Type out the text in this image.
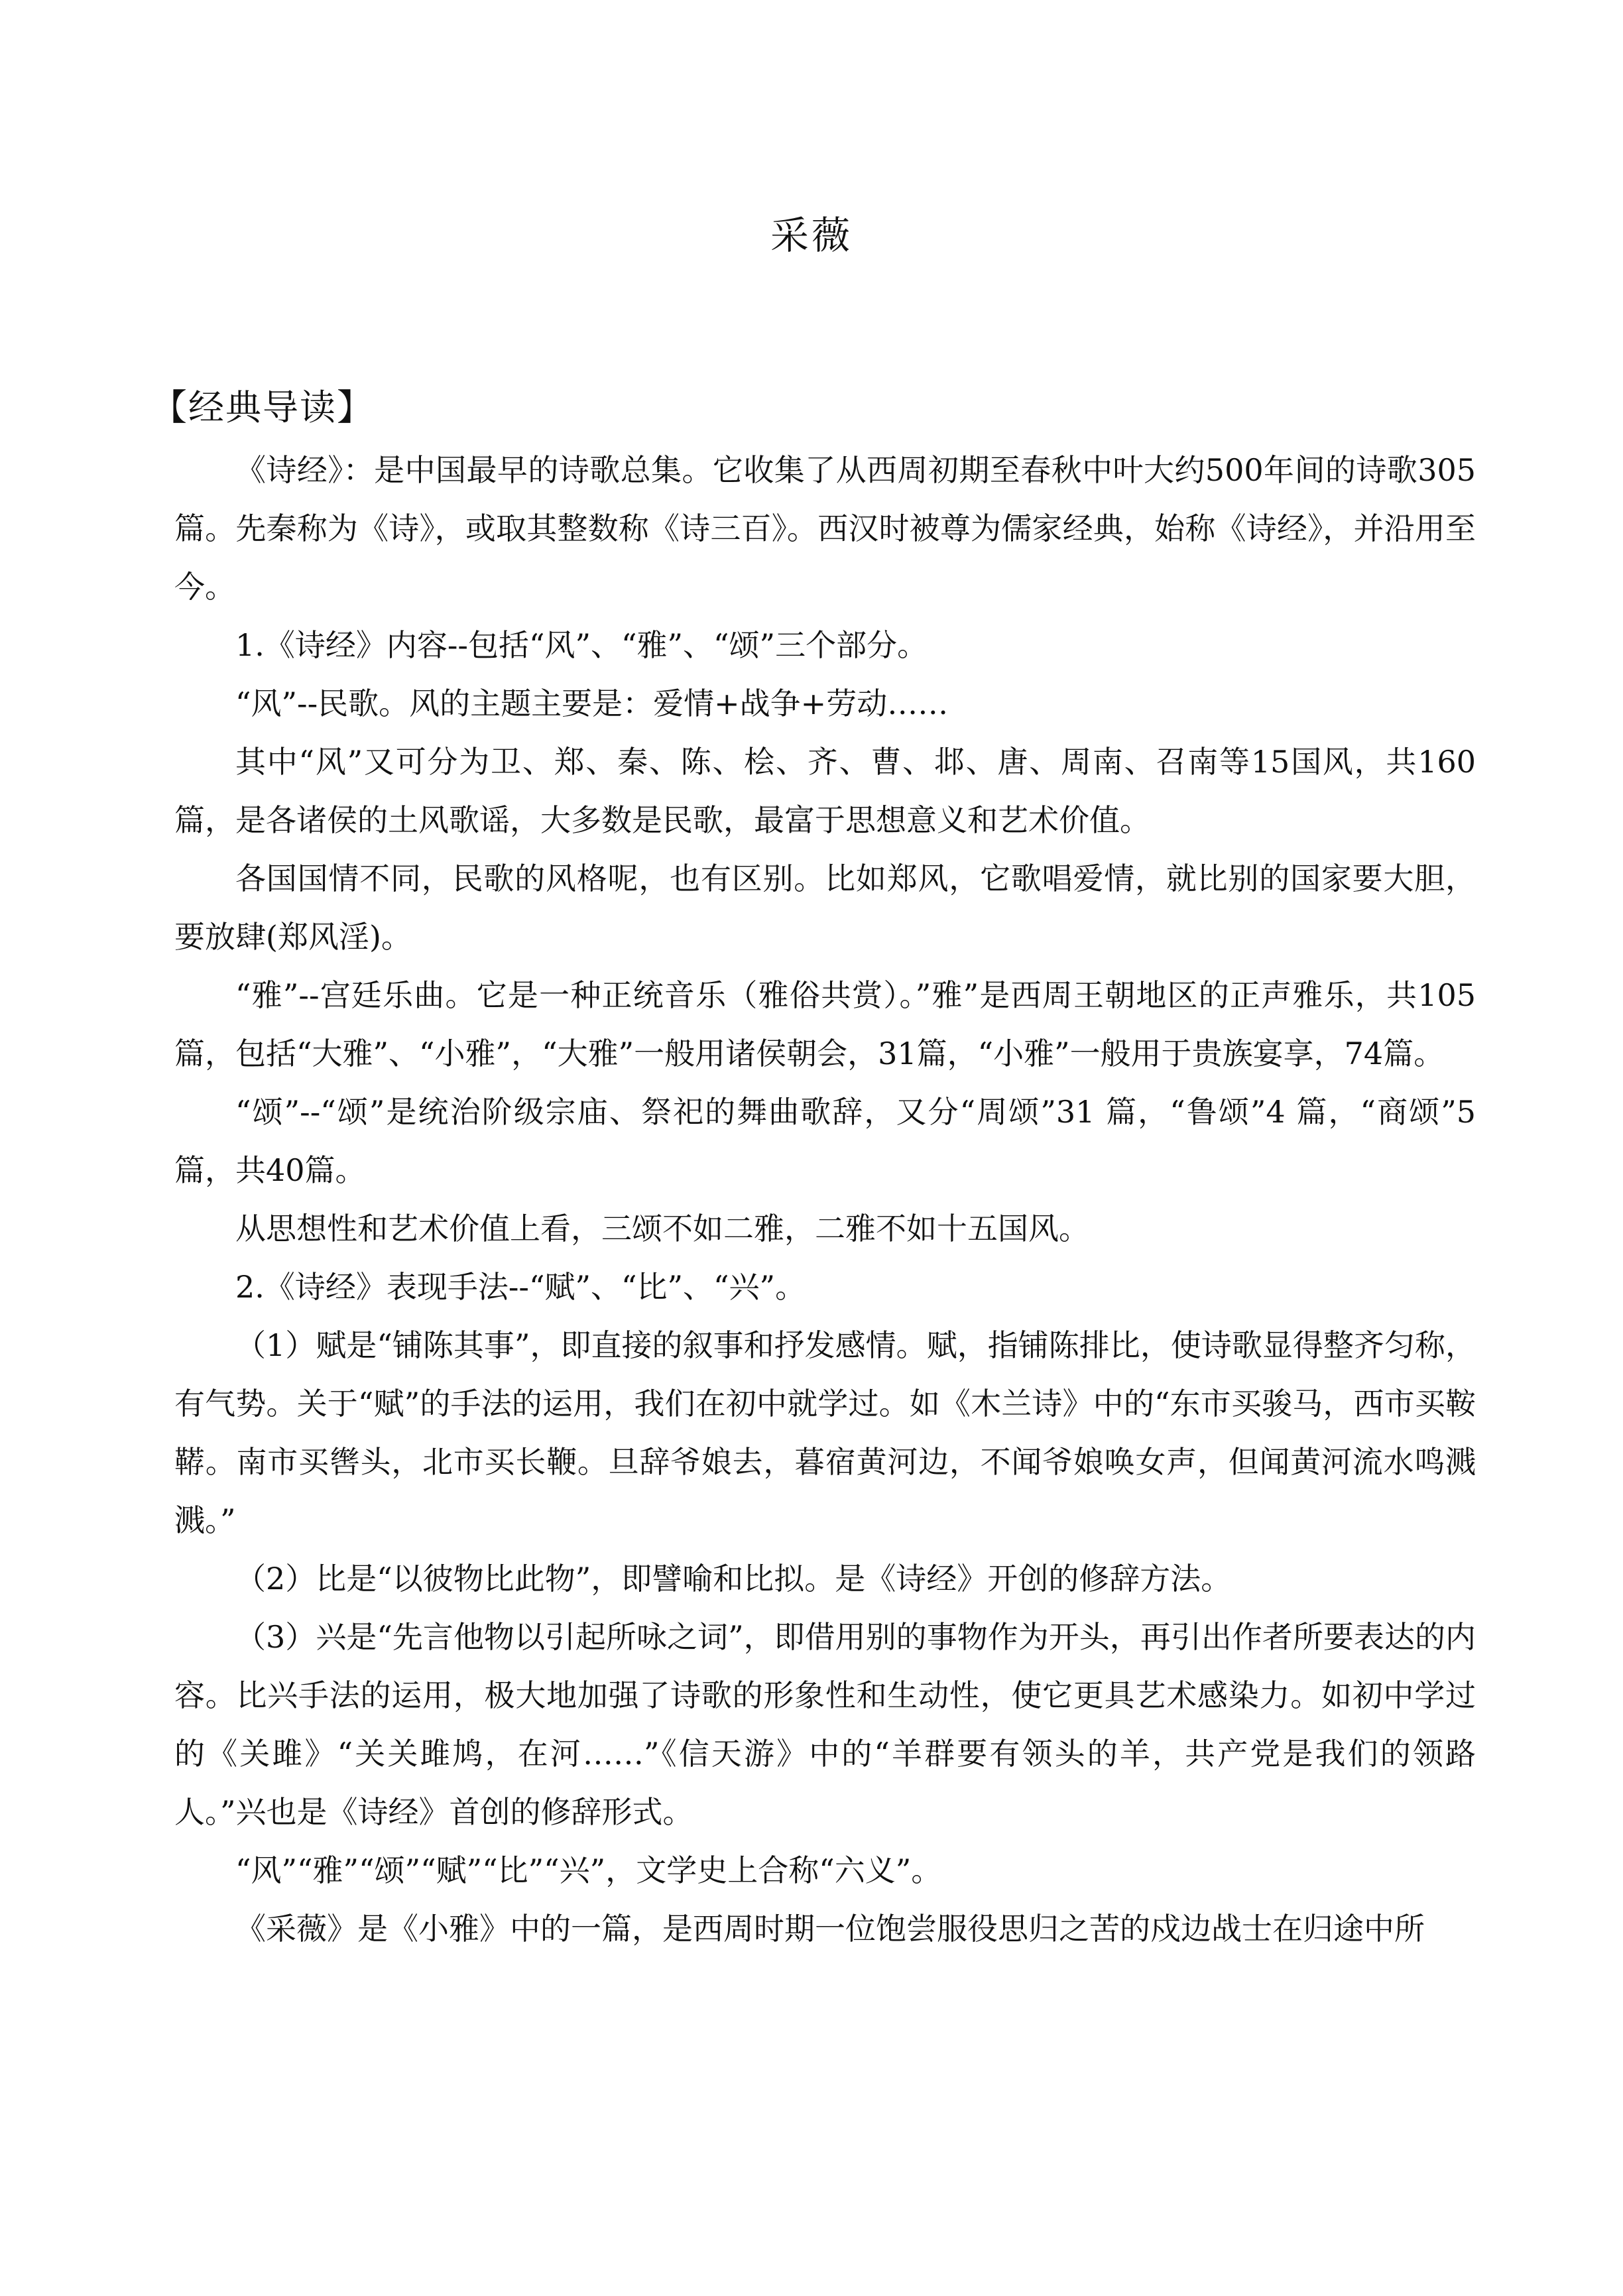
采薇
【经典导读】

《诗经》：是中国最早的诗歌总集。它收集了从西周初期至春秋中叶大约500年间的诗歌305 篇。先秦称为《诗》，或取其整数称《诗三百》。西汉时被尊为儒家经典，始称《诗经》，并沿用至今。

1.《诗经》内容--包括“风”、“雅”、“颂”三个部分。

“风”--民歌。风的主题主要是：爱情+战争+劳动……

其中“风”又可分为卫、郑、秦、陈、桧、齐、曹、邶、唐、周南、召南等15国风，共160篇，是各诸侯的土风歌谣，大多数是民歌，最富于思想意义和艺术价值。

各国国情不同，民歌的风格呢，也有区别。比如郑风，它歌唱爱情，就比别的国家要大胆，要放肆(郑风淫)。

“雅”--宫廷乐曲。它是一种正统音乐（雅俗共赏）。”雅”是西周王朝地区的正声雅乐，共105篇，包括“大雅”、“小雅”，“大雅”一般用诸侯朝会，31篇，“小雅”一般用于贵族宴享，74篇。

“颂”--“颂”是统治阶级宗庙、祭祀的舞曲歌辞，又分“周颂”31 篇，“鲁颂”4 篇，“商颂”5篇，共40篇。

从思想性和艺术价值上看，三颂不如二雅，二雅不如十五国风。

2.《诗经》表现手法--“赋”、“比”、“兴”。

（1）赋是“铺陈其事”，即直接的叙事和抒发感情。赋，指铺陈排比，使诗歌显得整齐匀称，有气势。关于“赋”的手法的运用，我们在初中就学过。如《木兰诗》中的“东市买骏马，西市买鞍鞯。南市买辔头，北市买长鞭。旦辞爷娘去，暮宿黄河边，不闻爷娘唤女声，但闻黄河流水鸣溅溅。”

（2）比是“以彼物比此物”，即譬喻和比拟。是《诗经》开创的修辞方法。

（3）兴是“先言他物以引起所咏之词”，即借用别的事物作为开头，再引出作者所要表达的内容。比兴手法的运用，极大地加强了诗歌的形象性和生动性，使它更具艺术感染力。如初中学过的《关雎》“关关雎鸠，在河……”《信天游》中的“羊群要有领头的羊，共产党是我们的领路人。”兴也是《诗经》首创的修辞形式。

“风”“雅”“颂”“赋”“比”“兴”，文学史上合称“六义”。

《采薇》是《小雅》中的一篇，是西周时期一位饱尝服役思归之苦的戍边战士在归途中所
